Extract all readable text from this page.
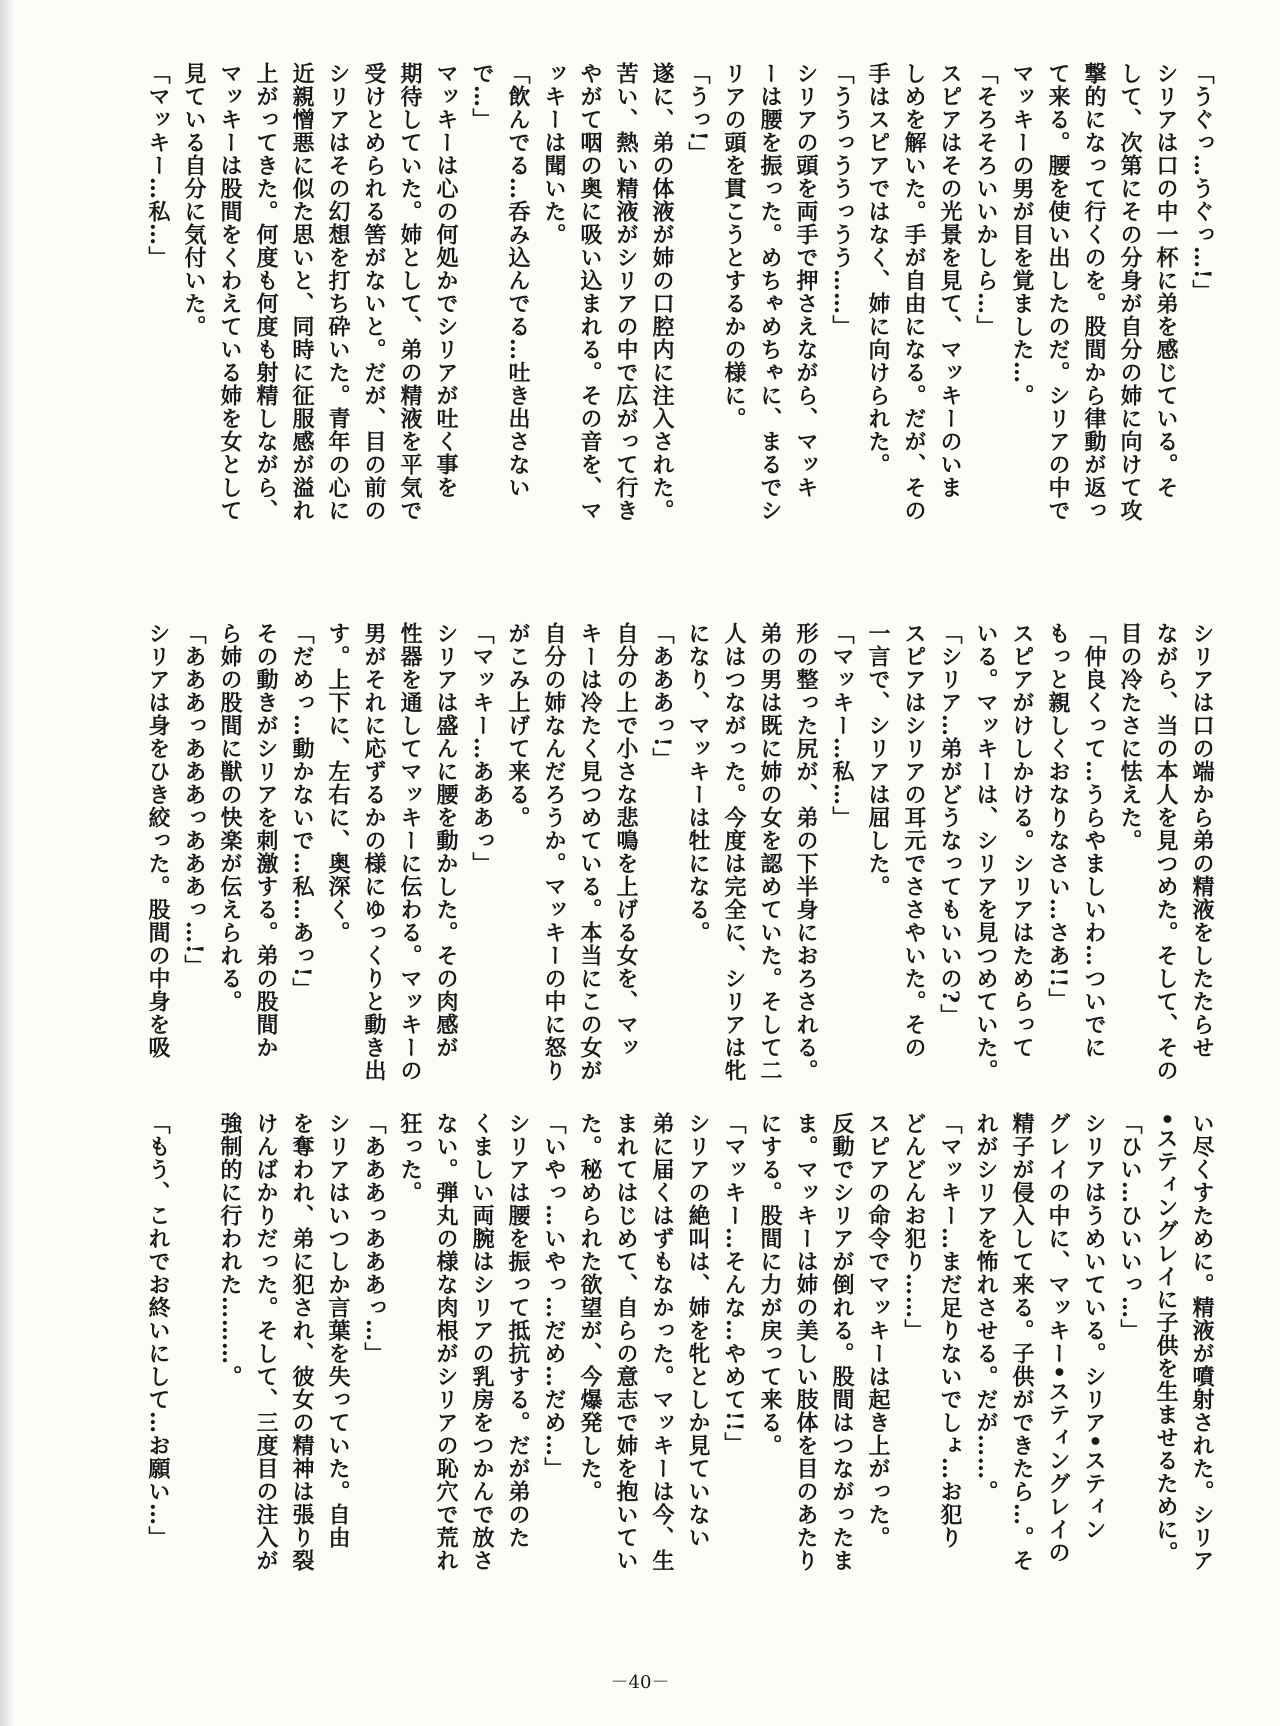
「うぐっ…うぐっ…!」
シリアは口の中一杯に弟を感じている。そ
して、次第にその分身が自分の姉に向けて攻
撃的になって行くのを。股間から律動が返っ
て来る。腰を使い出したのだ。シリアの中で
マッキーの男が目を覚ました…。
「そろそろいいかしら…」
スピアはその光景を見て、マッキーのいま
しめを解いた。手が自由になる。だが、その
手はスピアではなく、姉に向けられた。
「ううっううっうう……」
シリアの頭を両手で押さえながら、マッキ
ーは腰を振った。めちゃめちゃに、まるでシ
リアの頭を貫こうとするかの様に。
「うっ!」
遂に、弟の体液が姉の口腔内に注入された。
苦い、熱い精液がシリアの中で広がって行き
やがて咽の奥に吸い込まれる。その音を、マ
ッキーは聞いた。
「飲んでる…呑み込んでる…吐き出さない
で…」
マッキーは心の何処かでシリアが吐く事を
期待していた。姉として、弟の精液を平気で
受けとめられる筈がないと。だが、目の前の
シリアはその幻想を打ち砕いた。青年の心に
近親憎悪に似た思いと、同時に征服感が溢れ
上がってきた。何度も何度も射精しながら、
マッキーは股間をくわえている姉を女として
見ている自分に気付いた。
「マッキー…私…」
シリアは口の端から弟の精液をしたたらせ
ながら、当の本人を見つめた。そして、その
目の冷たさに怯えた。
「仲良くって…うらやましいわ…ついでに
もっと親しくおなりなさい…さあ!!」
スピアがけしかける。シリアはためらって
いる。マッキーは、シリアを見つめていた。
「シリア…弟がどうなってもいいの?」
スピアはシリアの耳元でささやいた。その
一言で、シリアは屈した。
「マッキー…私…」
形の整った尻が、弟の下半身におろされる。
弟の男は既に姉の女を認めていた。そして二
人はつながった。今度は完全に、シリアは牝
になり、マッキーは牡になる。
「あああっ!」
自分の上で小さな悲鳴を上げる女を、マッ
キーは冷たく見つめている。本当にこの女が
自分の姉なんだろうか。マッキーの中に怒り
がこみ上げて来る。
「マッキー…あああっ」
シリアは盛んに腰を動かした。その肉感が
性器を通してマッキーに伝わる。マッキーの
男がそれに応ずるかの様にゆっくりと動き出
す。上下に、左右に、奥深く。
「だめっ…動かないで…私…あっ!」
その動きがシリアを刺激する。弟の股間か
ら姉の股間に獣の快楽が伝えられる。
「あああっあああっあああっ…!」
シリアは身をひき絞った。股間の中身を吸
い尽くすために。精液が噴射された。シリア
•スティングレイに子供を生ませるために。
「ひい…ひいいっ…」
シリアはうめいている。シリア•スティン
グレイの中に、マッキー•スティングレイの
精子が侵入して来る。子供ができたら…。そ
れがシリアを怖れさせる。だが……。
「マッキー…まだ足りないでしょ…お犯り
どんどんお犯り……」
スピアの命令でマッキーは起き上がった。
反動でシリアが倒れる。股間はつながったま
ま。マッキーは姉の美しい肢体を目のあたり
にする。股間に力が戻って来る。
「マッキー…そんな…やめて!!」
シリアの絶叫は、姉を牝としか見ていない
弟に届くはずもなかった。マッキーは今、生
まれてはじめて、自らの意志で姉を抱いてい
た。秘められた欲望が、今爆発した。
「いやっ…いやっ…だめ…だめ…」
シリアは腰を振って抵抗する。だが弟のた
くましい両腕はシリアの乳房をつかんで放さ
ない。弾丸の様な肉根がシリアの恥穴で荒れ
狂った。
「あああっあああっ…」
シリアはいつしか言葉を失っていた。自由
を奪われ、弟に犯され、彼女の精神は張り裂
けんばかりだった。そして、三度目の注入が
強制的に行われた………。
「もう、これでお終いにして…お願い…」
－40－
